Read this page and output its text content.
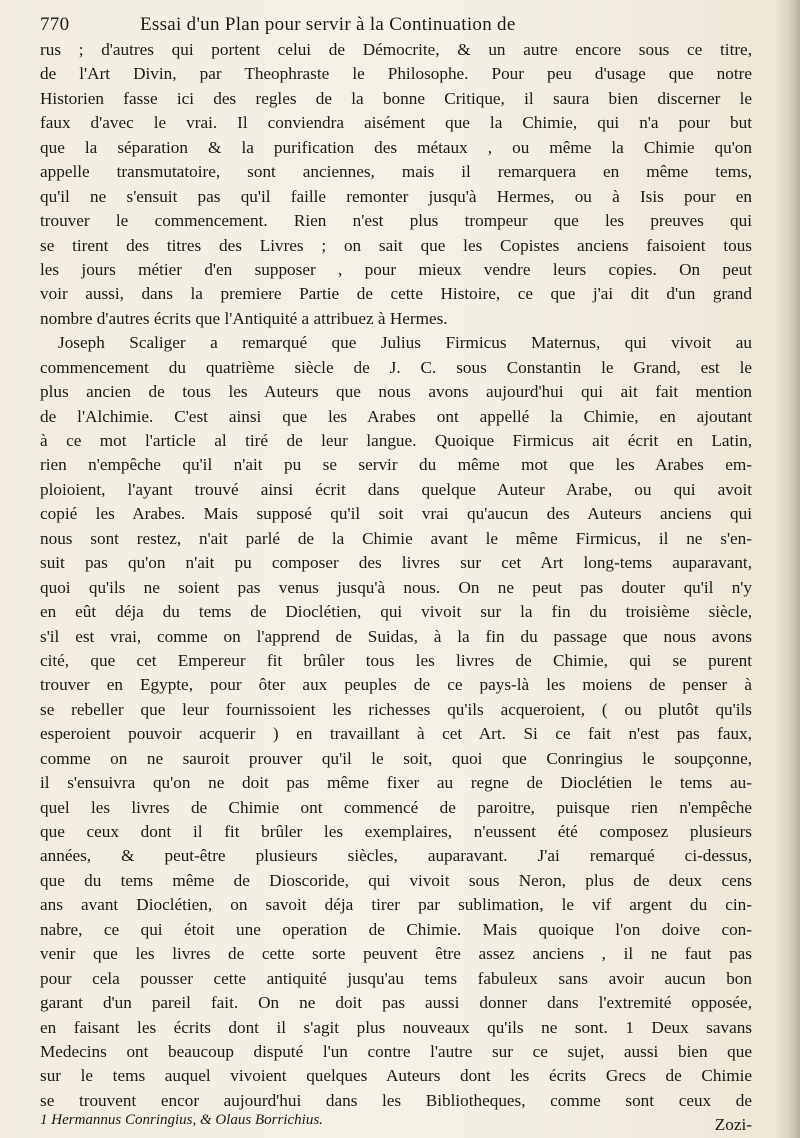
770	Essai d'un Plan pour servir à la Continuation de
rus ; d'autres qui portent celui de Démocrite, & un autre encore sous ce titre,
de l'Art Divin, par Theophraste le Philosophe. Pour peu d'usage que notre
Historien fasse ici des regles de la bonne Critique, il saura bien discerner le
faux d'avec le vrai. Il conviendra aisément que la Chimie, qui n'a pour but
que la séparation & la purification des métaux , ou même la Chimie qu'on
appelle transmutatoire, sont anciennes, mais il remarquera en même tems,
qu'il ne s'ensuit pas qu'il faille remonter jusqu'à Hermes, ou à Isis pour en
trouver le commencement. Rien n'est plus trompeur que les preuves qui
se tirent des titres des Livres ; on sait que les Copistes anciens faisoient tous
les jours métier d'en supposer , pour mieux vendre leurs copies. On peut
voir aussi, dans la premiere Partie de cette Histoire, ce que j'ai dit d'un grand
nombre d'autres écrits que l'Antiquité a attribuez à Hermes.
Joseph Scaliger a remarqué que Julius Firmicus Maternus, qui vivoit au
commencement du quatrième siècle de J. C. sous Constantin le Grand, est le
plus ancien de tous les Auteurs que nous avons aujourd'hui qui ait fait mention
de l'Alchimie. C'est ainsi que les Arabes ont appellé la Chimie, en ajoutant
à ce mot l'article al tiré de leur langue. Quoique Firmicus ait écrit en Latin,
rien n'empêche qu'il n'ait pu se servir du même mot que les Arabes em-
ploioient, l'ayant trouvé ainsi écrit dans quelque Auteur Arabe, ou qui avoit
copié les Arabes. Mais supposé qu'il soit vrai qu'aucun des Auteurs anciens qui
nous sont restez, n'ait parlé de la Chimie avant le même Firmicus, il ne s'en-
suit pas qu'on n'ait pu composer des livres sur cet Art long-tems auparavant,
quoi qu'ils ne soient pas venus jusqu'à nous. On ne peut pas douter qu'il n'y
en eût déja du tems de Dioclétien, qui vivoit sur la fin du troisième siècle,
s'il est vrai, comme on l'apprend de Suidas, à la fin du passage que nous avons
cité, que cet Empereur fit brûler tous les livres de Chimie, qui se purent
trouver en Egypte, pour ôter aux peuples de ce pays-là les moiens de penser à
se rebeller que leur fournissoient les richesses qu'ils acqueroient, ( ou plutôt qu'ils
esperoient pouvoir acquerir ) en travaillant à cet Art. Si ce fait n'est pas faux,
comme on ne sauroit prouver qu'il le soit, quoi que Conringius le soupçonne,
il s'ensuivra qu'on ne doit pas même fixer au regne de Dioclétien le tems au-
quel les livres de Chimie ont commencé de paroitre, puisque rien n'empêche
que ceux dont il fit brûler les exemplaires, n'eussent été composez plusieurs
années, & peut-être plusieurs siècles, auparavant. J'ai remarqué ci-dessus,
que du tems même de Dioscoride, qui vivoit sous Neron, plus de deux cens
ans avant Dioclétien, on savoit déja tirer par sublimation, le vif argent du cin-
nabre, ce qui étoit une operation de Chimie. Mais quoique l'on doive con-
venir que les livres de cette sorte peuvent être assez anciens , il ne faut pas
pour cela pousser cette antiquité jusqu'au tems fabuleux sans avoir aucun bon
garant d'un pareil fait. On ne doit pas aussi donner dans l'extremité opposée,
en faisant les écrits dont il s'agit plus nouveaux qu'ils ne sont. 1 Deux savans
Medecins ont beaucoup disputé l'un contre l'autre sur ce sujet, aussi bien que
sur le tems auquel vivoient quelques Auteurs dont les écrits Grecs de Chimie
se trouvent encor aujourd'hui dans les Bibliotheques, comme sont ceux de
Zozi-
1 Hermannus Conringius, & Olaus Borrichius.
